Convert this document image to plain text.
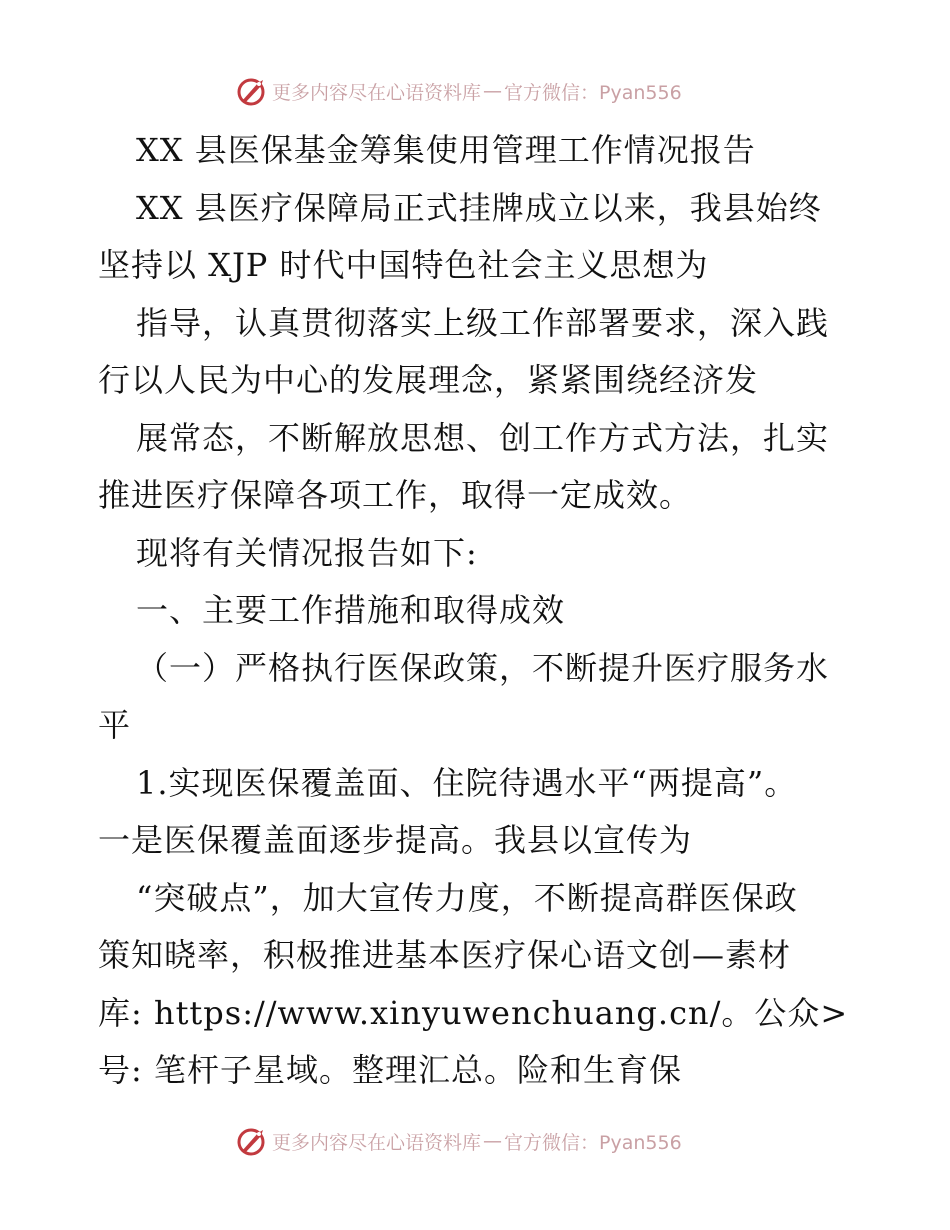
更多内容尽在心语资料库 — 官方微信：Pyan556

XX 县医保基金筹集使用管理工作情况报告

XX 县医疗保障局正式挂牌成立以来，我县始终

坚持以 XJP 时代中国特色社会主义思想为

指导，认真贯彻落实上级工作部署要求，深入践

行以人民为中心的发展理念，紧紧围绕经济发

展常态，不断解放思想、创工作方式方法，扎实

推进医疗保障各项工作，取得一定成效。

现将有关情况报告如下:

一、主要工作措施和取得成效

（一）严格执行医保政策，不断提升医疗服务水

平

1.实现医保覆盖面、住院待遇水平“两提高”。

一是医保覆盖面逐步提高。我县以宣传为

“突破点”，加大宣传力度，不断提高群医保政

策知晓率，积极推进基本医疗保心语文创—素材

库: https://www.xinyuwenchuang.cn/。公众>

号: 笔杆子星域。整理汇总。险和生育保

更多内容尽在心语资料库 — 官方微信：Pyan556
